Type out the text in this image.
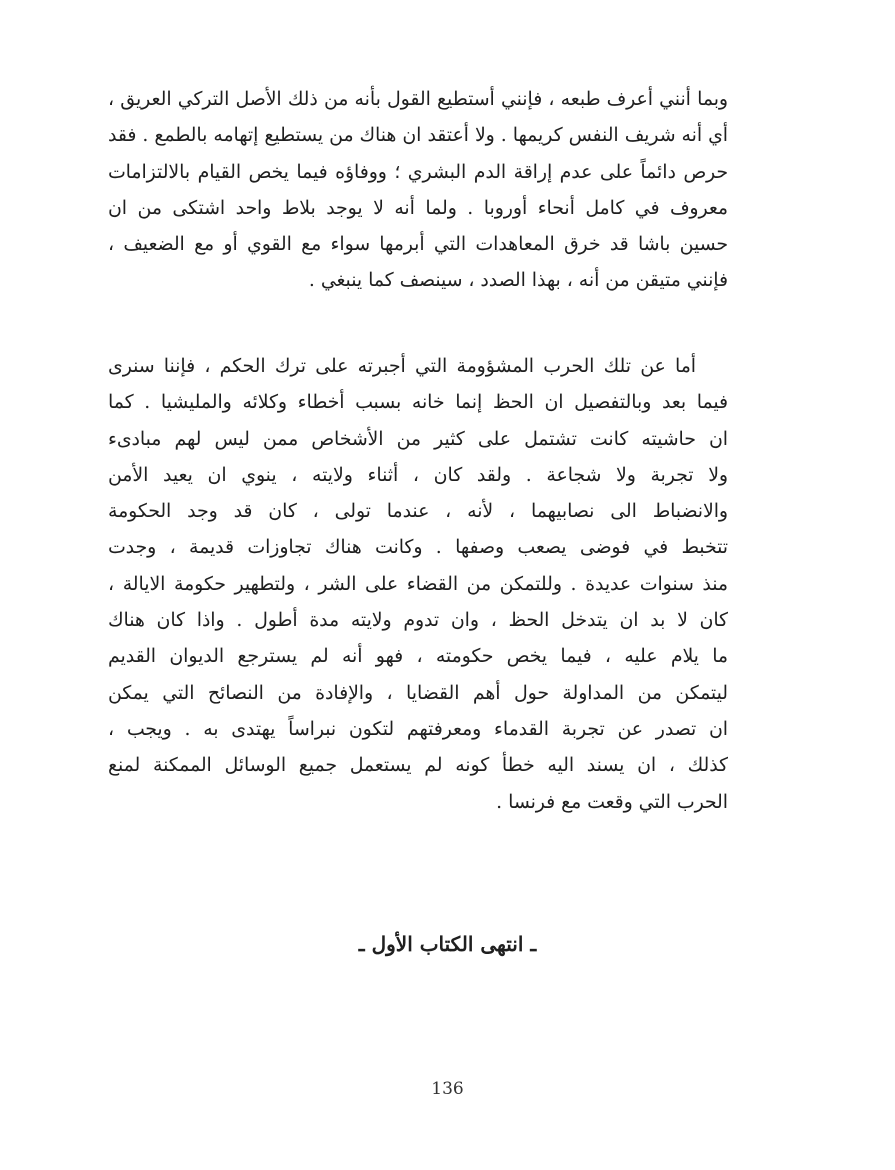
وبما أنني أعرف طبعه ، فإنني أستطيع القول بأنه من ذلك الأصل التركي العريق ،
أي أنه شريف النفس كريمها . ولا أعتقد ان هناك من يستطيع إتهامه بالطمع . فقد
حرص دائماً على عدم إراقة الدم البشري ؛ ووفاؤه فيما يخص القيام بالالتزامات
معروف في كامل أنحاء أوروبا . ولما أنه لا يوجد بلاط واحد اشتكى من ان
حسين باشا قد خرق المعاهدات التي أبرمها سواء مع القوي أو مع الضعيف ،
فإنني متيقن من أنه ، بهذا الصدد ، سينصف كما ينبغي .
أما عن تلك الحرب المشؤومة التي أجبرته على ترك الحكم ، فإننا سنرى
فيما بعد وبالتفصيل ان الحظ إنما خانه بسبب أخطاء وكلائه والمليشيا . كما
ان حاشيته كانت تشتمل على كثير من الأشخاص ممن ليس لهم مبادىء
ولا تجربة ولا شجاعة . ولقد كان ، أثناء ولايته ، ينوي ان يعيد الأمن
والانضباط الى نصابيهما ، لأنه ، عندما تولى ، كان قد وجد الحكومة
تتخبط في فوضى يصعب وصفها . وكانت هناك تجاوزات قديمة ، وجدت
منذ سنوات عديدة . وللتمكن من القضاء على الشر ، ولتطهير حكومة الايالة ،
كان لا بد ان يتدخل الحظ ، وان تدوم ولايته مدة أطول . واذا كان هناك
ما يلام عليه ، فيما يخص حكومته ، فهو أنه لم يسترجع الديوان القديم
ليتمكن من المداولة حول أهم القضايا ، والإفادة من النصائح التي يمكن
ان تصدر عن تجربة القدماء ومعرفتهم لتكون نبراساً يهتدى به . ويجب ،
كذلك ، ان يسند اليه خطأ كونه لم يستعمل جميع الوسائل الممكنة لمنع
الحرب التي وقعت مع فرنسا .
ـ انتهى الكتاب الأول ـ
136
